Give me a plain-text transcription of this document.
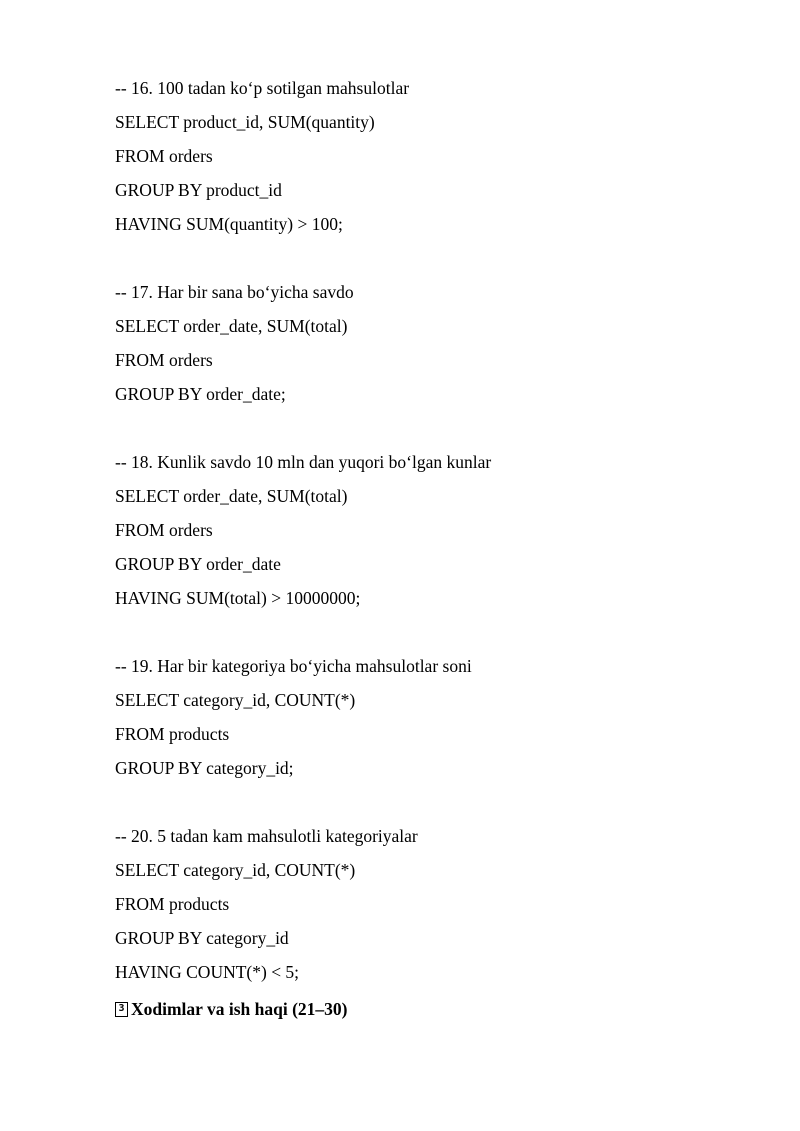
-- 16. 100 tadan ko‘p sotilgan mahsulotlar

SELECT product_id, SUM(quantity)

FROM orders

GROUP BY product_id

HAVING SUM(quantity) > 100;

-- 17. Har bir sana bo‘yicha savdo

SELECT order_date, SUM(total)

FROM orders

GROUP BY order_date;

-- 18. Kunlik savdo 10 mln dan yuqori bo‘lgan kunlar

SELECT order_date, SUM(total)

FROM orders

GROUP BY order_date

HAVING SUM(total) > 10000000;

-- 19. Har bir kategoriya bo‘yicha mahsulotlar soni

SELECT category_id, COUNT(*)

FROM products

GROUP BY category_id;

-- 20. 5 tadan kam mahsulotli kategoriyalar

SELECT category_id, COUNT(*)

FROM products

GROUP BY category_id

HAVING COUNT(*) < 5;

3 Xodimlar va ish haqi (21–30)
